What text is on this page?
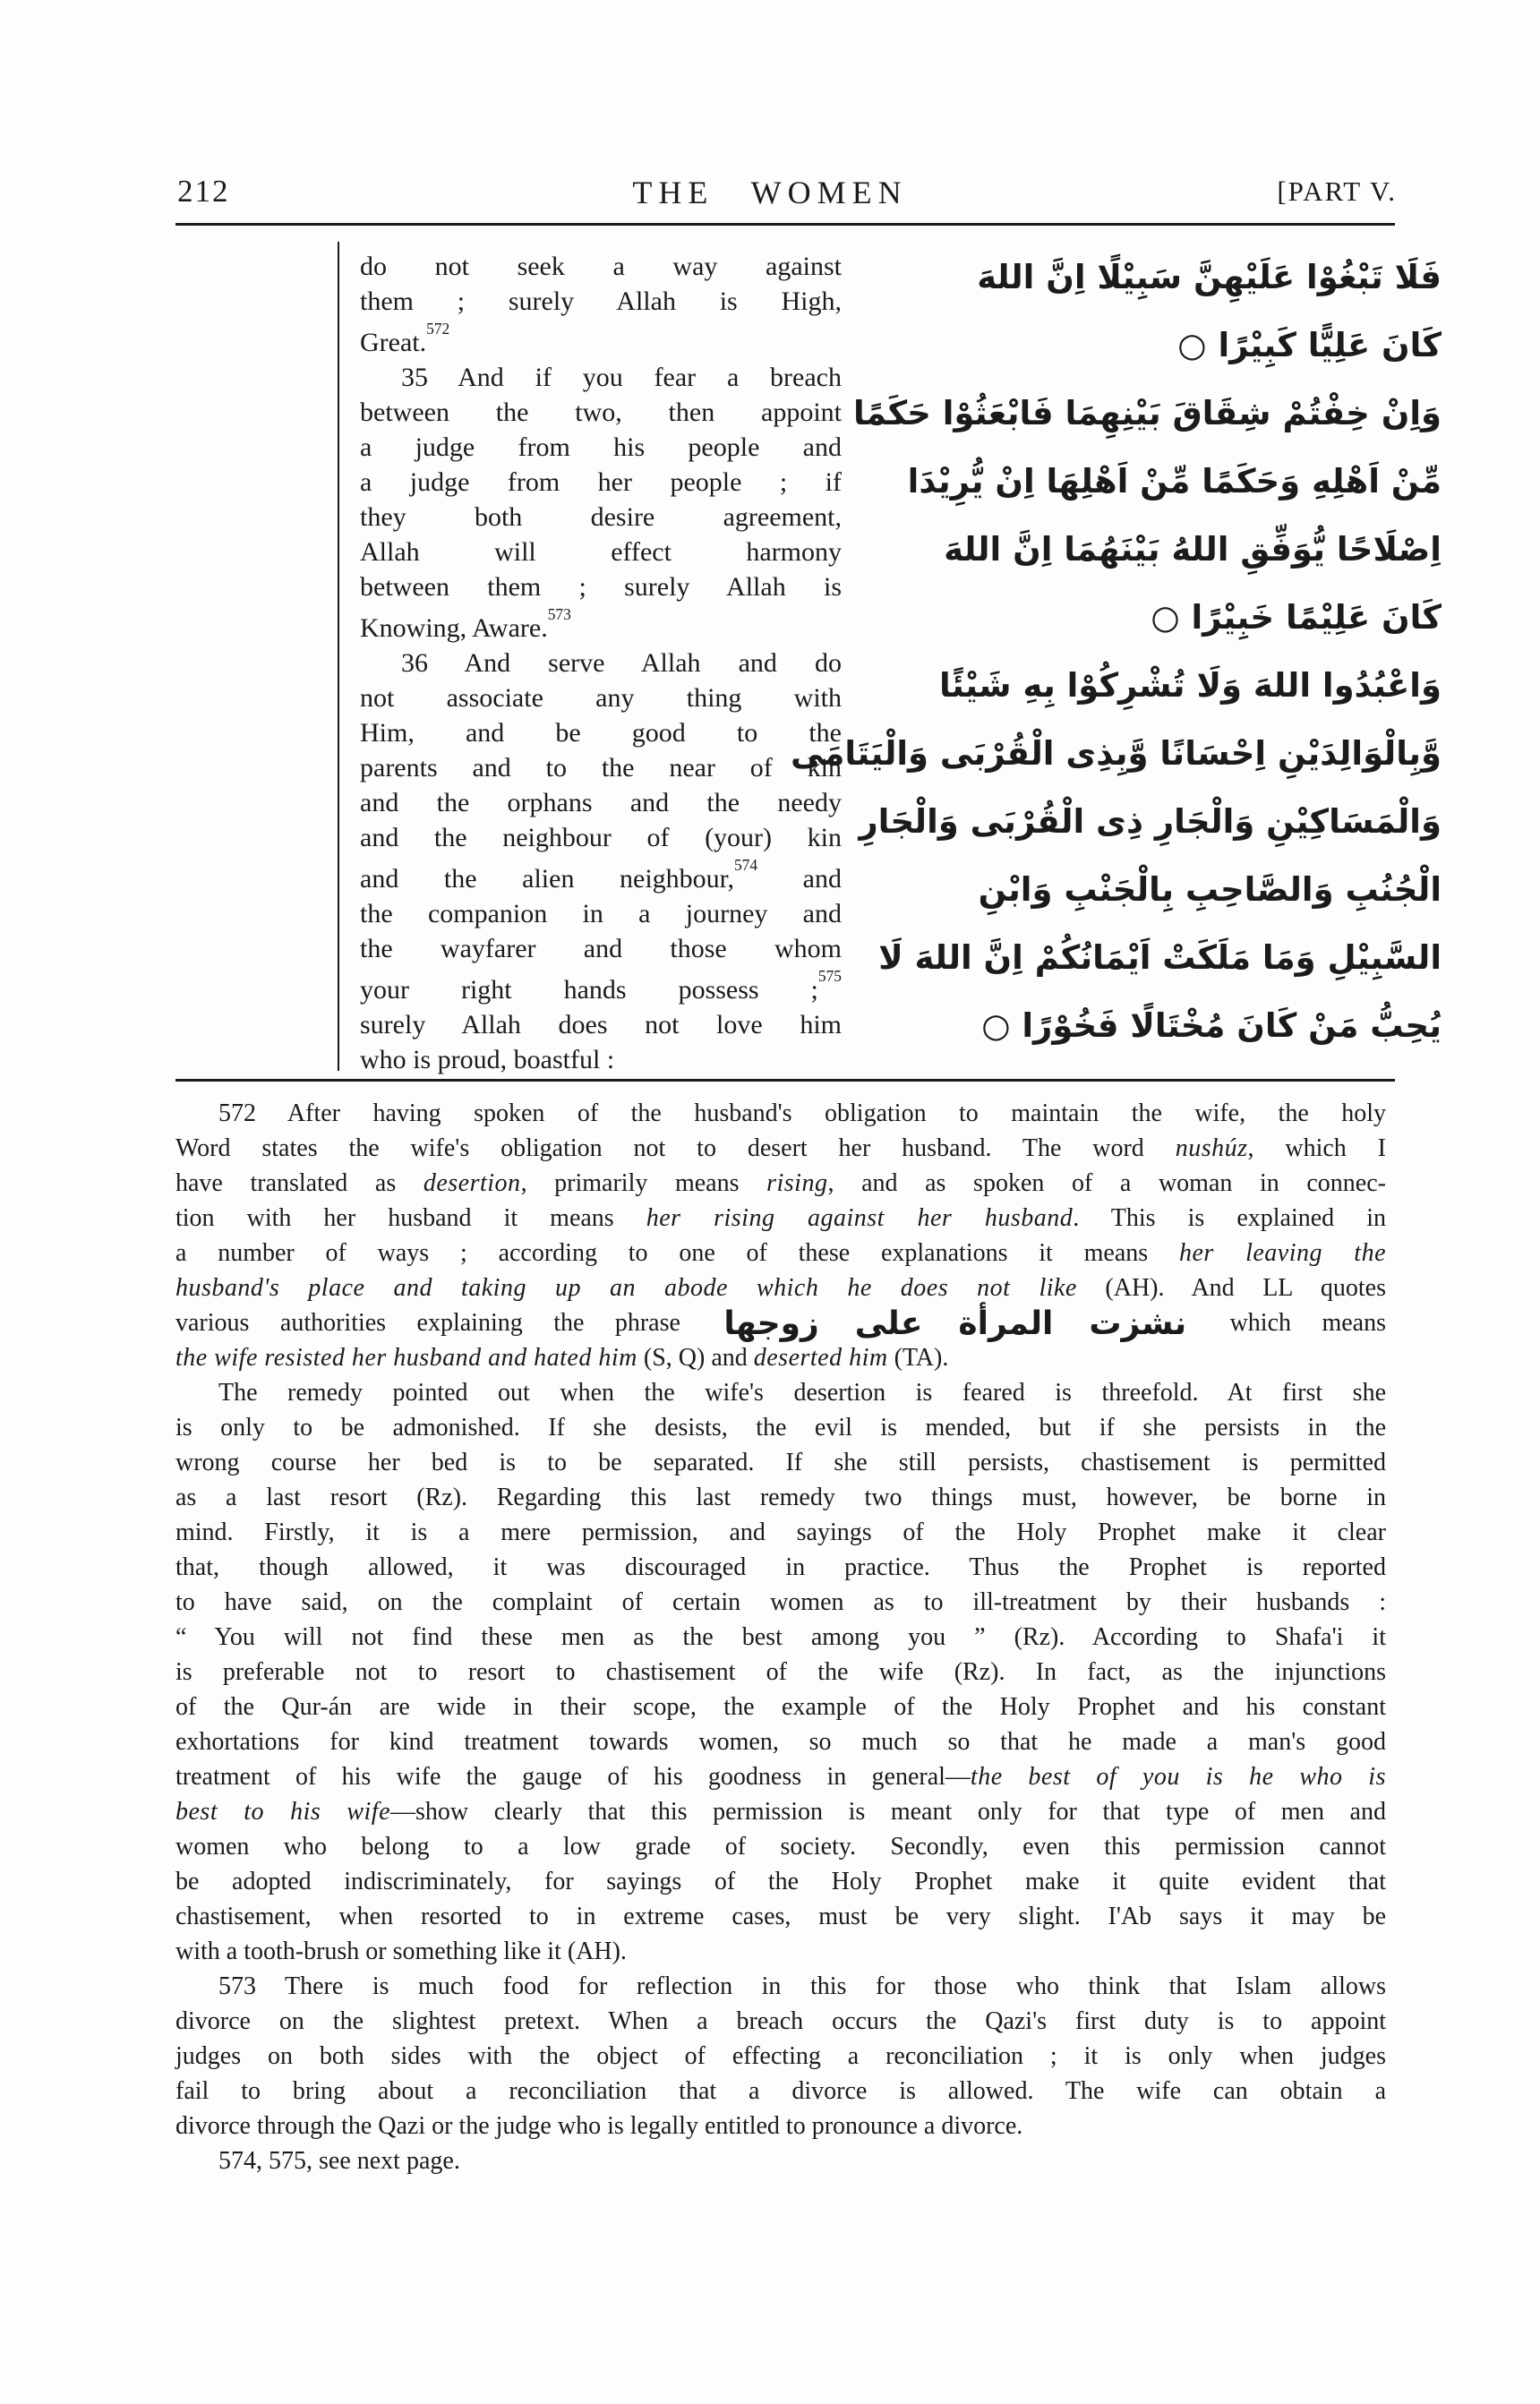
212	THE WOMEN	[PART V.
do not seek a way against
them ; surely Allah is High,
Great.$^{572}$
35 And if you fear a breach
between the two, then appoint
a judge from his people and
a judge from her people ; if
they both desire agreement,
Allah will effect harmony
between them ; surely Allah is
Knowing, Aware.$^{573}$
36 And serve Allah and do
not associate any thing with
Him, and be good to the
parents and to the near of kin
and the orphans and the needy
and the neighbour of (your) kin
and the alien neighbour,$^{574}$ and
the companion in a journey and
the wayfarer and those whom
your right hands possess ;$^{575}$
surely Allah does not love him
who is proud, boastful :
فَلَا تَبْغُوْا عَلَيْهِنَّ سَبِيْلًا اِنَّ اللهَ
كَانَ عَلِيًّا كَبِيْرًا ○
وَاِنْ خِفْتُمْ شِقَاقَ بَيْنِهِمَا فَابْعَثُوْا حَكَمًا
مِّنْ اَهْلِهِ وَحَكَمًا مِّنْ اَهْلِهَا اِنْ يُّرِيْدَا
اِصْلَاحًا يُّوَفِّقِ اللهُ بَيْنَهُمَا اِنَّ اللهَ
كَانَ عَلِيْمًا خَبِيْرًا ○
وَاعْبُدُوا اللهَ وَلَا تُشْرِكُوْا بِهِ شَيْئًا
وَّبِالْوَالِدَيْنِ اِحْسَانًا وَّبِذِى الْقُرْبَى وَالْيَتَامَى
وَالْمَسَاكِيْنِ وَالْجَارِ ذِى الْقُرْبَى وَالْجَارِ
الْجُنُبِ وَالصَّاحِبِ بِالْجَنْبِ وَابْنِ
السَّبِيْلِ وَمَا مَلَكَتْ اَيْمَانُكُمْ اِنَّ اللهَ لَا
يُحِبُّ مَنْ كَانَ مُخْتَالًا فَخُوْرًا ○
572 After having spoken of the husband's obligation to maintain the wife, the holy
Word states the wife's obligation not to desert her husband. The word nushúz, which I
have translated as desertion, primarily means rising, and as spoken of a woman in connec-
tion with her husband it means her rising against her husband. This is explained in
a number of ways ; according to one of these explanations it means her leaving the
husband's place and taking up an abode which he does not like (AH). And LL quotes
various authorities explaining the phrase نشزت المرأة على زوجها which means
the wife resisted her husband and hated him (S, Q) and deserted him (TA).
The remedy pointed out when the wife's desertion is feared is threefold. At first she
is only to be admonished. If she desists, the evil is mended, but if she persists in the
wrong course her bed is to be separated. If she still persists, chastisement is permitted
as a last resort (Rz). Regarding this last remedy two things must, however, be borne in
mind. Firstly, it is a mere permission, and sayings of the Holy Prophet make it clear
that, though allowed, it was discouraged in practice. Thus the Prophet is reported
to have said, on the complaint of certain women as to ill-treatment by their husbands :
“ You will not find these men as the best among you ” (Rz). According to Shafa'i it
is preferable not to resort to chastisement of the wife (Rz). In fact, as the injunctions
of the Qur-án are wide in their scope, the example of the Holy Prophet and his constant
exhortations for kind treatment towards women, so much so that he made a man's good
treatment of his wife the gauge of his goodness in general—the best of you is he who is
best to his wife—show clearly that this permission is meant only for that type of men and
women who belong to a low grade of society. Secondly, even this permission cannot
be adopted indiscriminately, for sayings of the Holy Prophet make it quite evident that
chastisement, when resorted to in extreme cases, must be very slight. I'Ab says it may be
with a tooth-brush or something like it (AH).
573 There is much food for reflection in this for those who think that Islam allows
divorce on the slightest pretext. When a breach occurs the Qazi's first duty is to appoint
judges on both sides with the object of effecting a reconciliation ; it is only when judges
fail to bring about a reconciliation that a divorce is allowed. The wife can obtain a
divorce through the Qazi or the judge who is legally entitled to pronounce a divorce.
574, 575, see next page.
